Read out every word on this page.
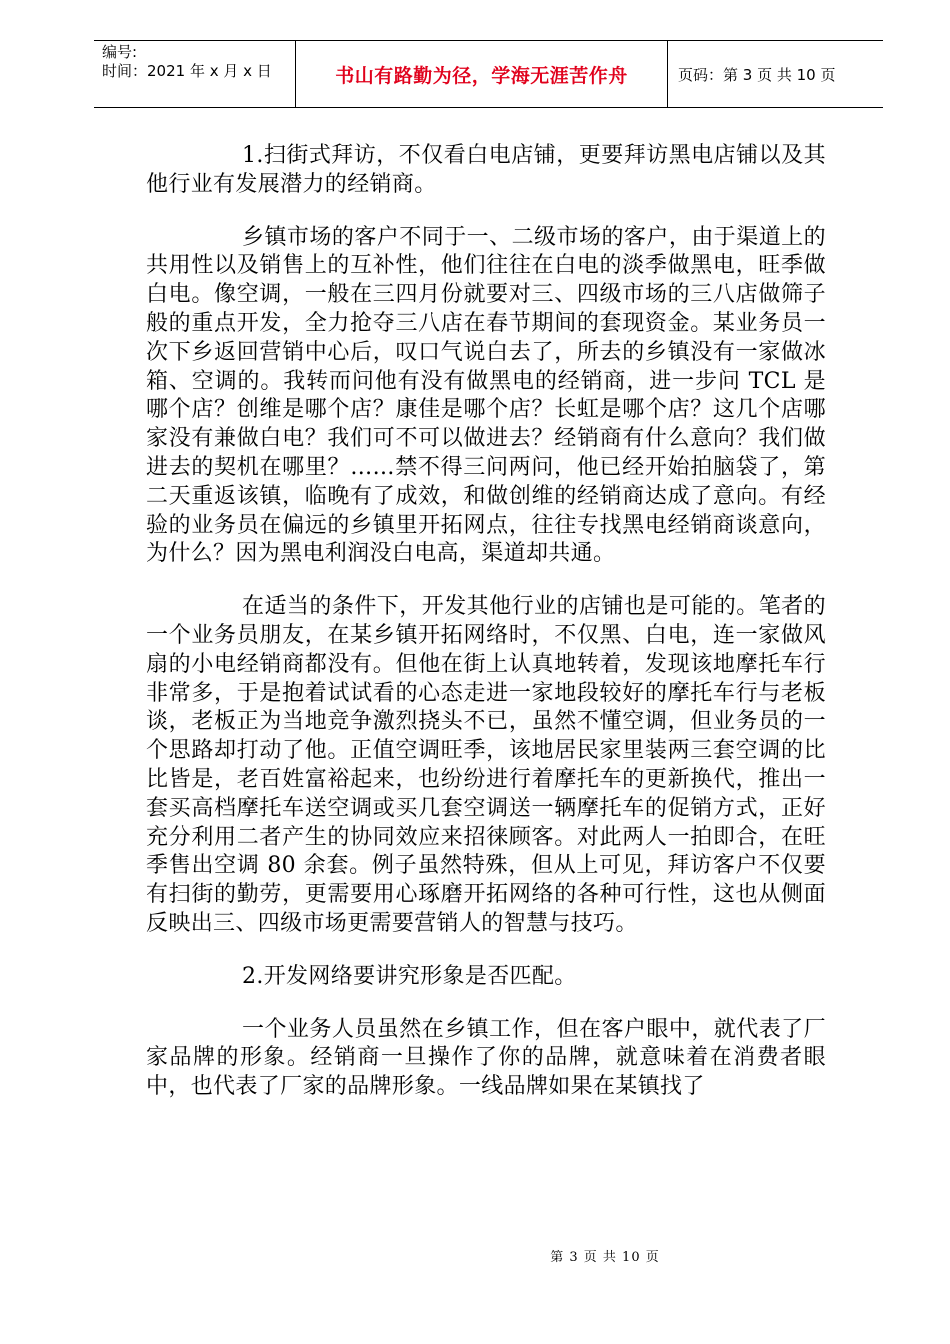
编号:
时间：2021 年 x 月 x 日	书山有路勤为径，学海无涯苦作舟	页码：第 3 页 共 10 页

1.扫街式拜访，不仅看白电店铺，更要拜访黑电店铺以及其他行业有发展潜力的经销商。

乡镇市场的客户不同于一、二级市场的客户，由于渠道上的共用性以及销售上的互补性，他们往往在白电的淡季做黑电，旺季做白电。像空调，一般在三四月份就要对三、四级市场的三八店做筛子般的重点开发，全力抢夺三八店在春节期间的套现资金。某业务员一次下乡返回营销中心后，叹口气说白去了，所去的乡镇没有一家做冰箱、空调的。我转而问他有没有做黑电的经销商，进一步问 TCL 是哪个店？创维是哪个店？康佳是哪个店？长虹是哪个店？这几个店哪家没有兼做白电？我们可不可以做进去？经销商有什么意向？我们做进去的契机在哪里？……禁不得三问两问，他已经开始拍脑袋了，第二天重返该镇，临晚有了成效，和做创维的经销商达成了意向。有经验的业务员在偏远的乡镇里开拓网点，往往专找黑电经销商谈意向，为什么？因为黑电利润没白电高，渠道却共通。

在适当的条件下，开发其他行业的店铺也是可能的。笔者的一个业务员朋友，在某乡镇开拓网络时，不仅黑、白电，连一家做风扇的小电经销商都没有。但他在街上认真地转着，发现该地摩托车行非常多，于是抱着试试看的心态走进一家地段较好的摩托车行与老板谈，老板正为当地竞争激烈挠头不已，虽然不懂空调，但业务员的一个思路却打动了他。正值空调旺季，该地居民家里装两三套空调的比比皆是，老百姓富裕起来，也纷纷进行着摩托车的更新换代，推出一套买高档摩托车送空调或买几套空调送一辆摩托车的促销方式，正好充分利用二者产生的协同效应来招徕顾客。对此两人一拍即合，在旺季售出空调 80 余套。例子虽然特殊，但从上可见，拜访客户不仅要有扫街的勤劳，更需要用心琢磨开拓网络的各种可行性，这也从侧面反映出三、四级市场更需要营销人的智慧与技巧。

2.开发网络要讲究形象是否匹配。

一个业务人员虽然在乡镇工作，但在客户眼中，就代表了厂家品牌的形象。经销商一旦操作了你的品牌，就意味着在消费者眼中，也代表了厂家的品牌形象。一线品牌如果在某镇找了

第 3 页 共 10 页
